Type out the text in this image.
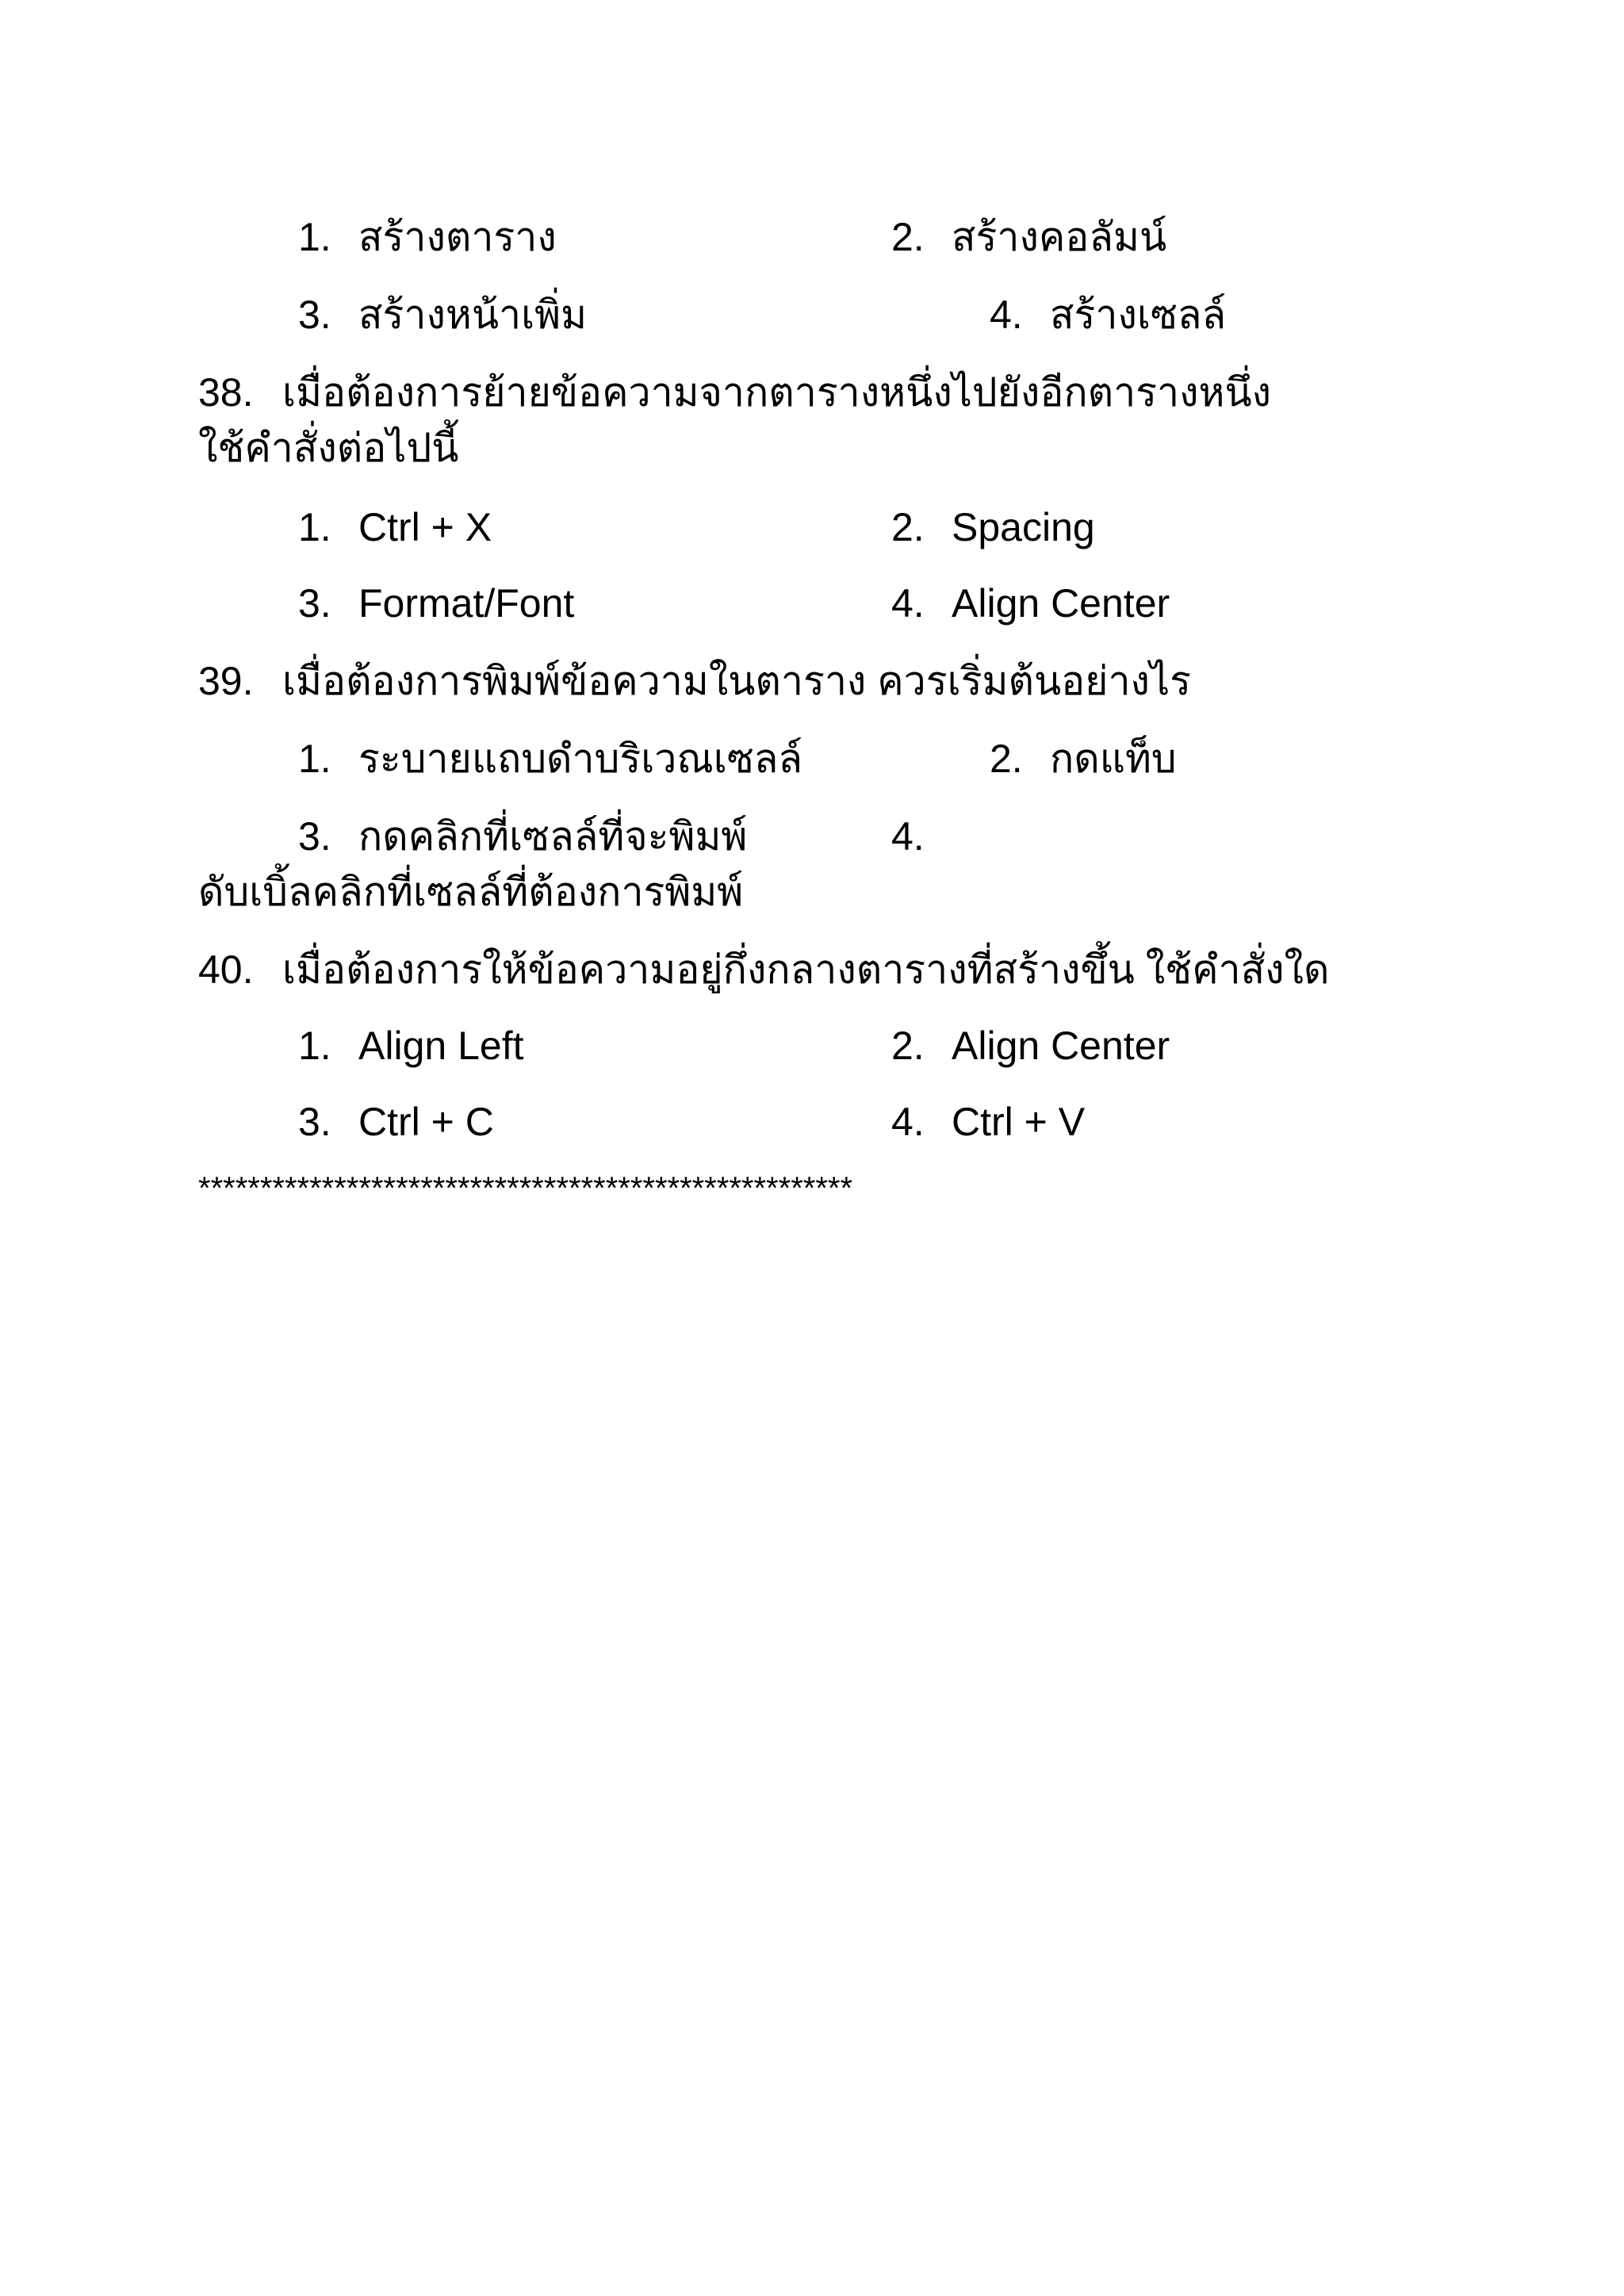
1. สร้างตาราง	2. สร้างคอลัมน์
3. สร้างหน้าเพิ่ม	4. สร้างเซลล์
38. เมื่อต้องการย้ายข้อความจากตารางหนึ่งไปยังอีกตารางหนึ่ง
ใช้คำสั่งต่อไปนี้
1. Ctrl + X	2. Spacing
3. Format/Font	4. Align Center
39. เมื่อต้องการพิมพ์ข้อความในตาราง ควรเริ่มต้นอย่างไร
1. ระบายแถบดำบริเวณเซลล์	2. กดแท็บ
3. กดคลิกที่เซลล์ที่จะพิมพ์	4.
ดับเบิ้ลคลิกที่เซลล์ที่ต้องการพิมพ์
40. เมื่อต้องการให้ข้อความอยู่กึ่งกลางตารางที่สร้างขึ้น ใช้คำสั่งใด
1. Align Left	2. Align Center
3. Ctrl + C	4. Ctrl + V
*****************************************************
